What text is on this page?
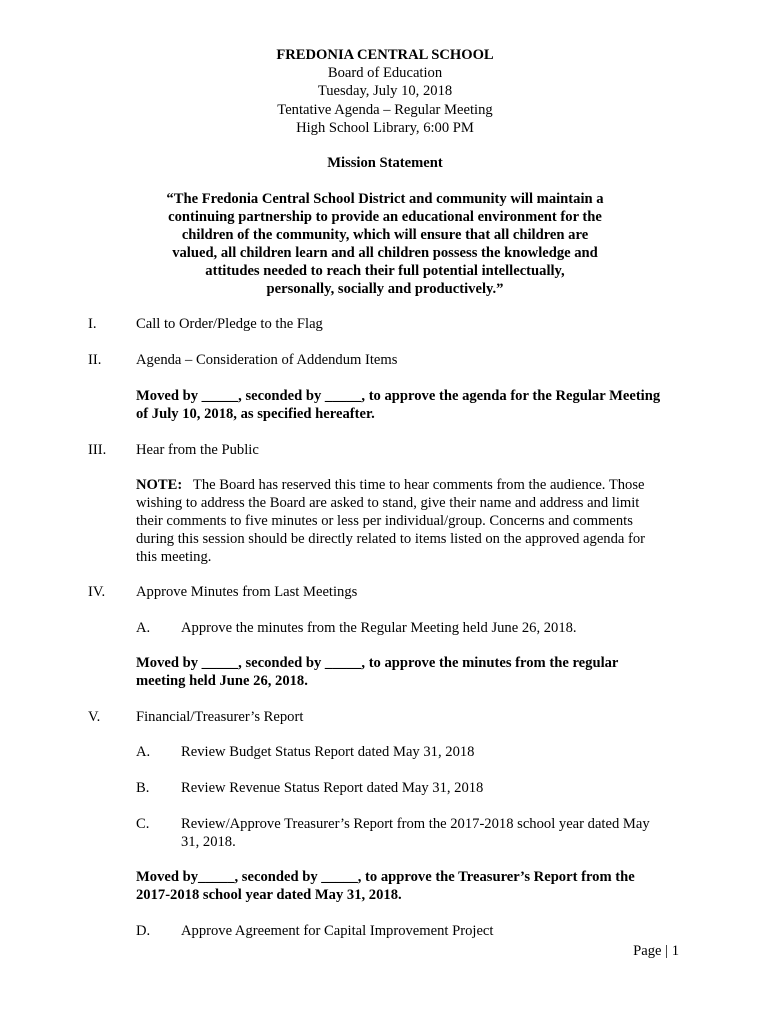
FREDONIA CENTRAL SCHOOL
Board of Education
Tuesday, July 10, 2018
Tentative Agenda – Regular Meeting
High School Library, 6:00 PM
Mission Statement
“The Fredonia Central School District and community will maintain a
continuing partnership to provide an educational environment for the
children of the community, which will ensure that all children are
valued, all children learn and all children possess the knowledge and
attitudes needed to reach their full potential intellectually,
personally, socially and productively.”
I.	Call to Order/Pledge to the Flag
II. Agenda – Consideration of Addendum Items
Moved by _____, seconded by _____, to approve the agenda for the Regular Meeting
of July 10, 2018, as specified hereafter.
III. Hear from the Public
NOTE: The Board has reserved this time to hear comments from the audience. Those
wishing to address the Board are asked to stand, give their name and address and limit
their comments to five minutes or less per individual/group. Concerns and comments
during this session should be directly related to items listed on the approved agenda for
this meeting.
IV. Approve Minutes from Last Meetings
A. Approve the minutes from the Regular Meeting held June 26, 2018.
Moved by _____, seconded by _____, to approve the minutes from the regular
meeting held June 26, 2018.
V. Financial/Treasurer’s Report
A. Review Budget Status Report dated May 31, 2018
B. Review Revenue Status Report dated May 31, 2018
C. Review/Approve Treasurer’s Report from the 2017-2018 school year dated May
31, 2018.
Moved by_____, seconded by _____, to approve the Treasurer’s Report from the
2017-2018 school year dated May 31, 2018.
D. Approve Agreement for Capital Improvement Project
Page | 1
